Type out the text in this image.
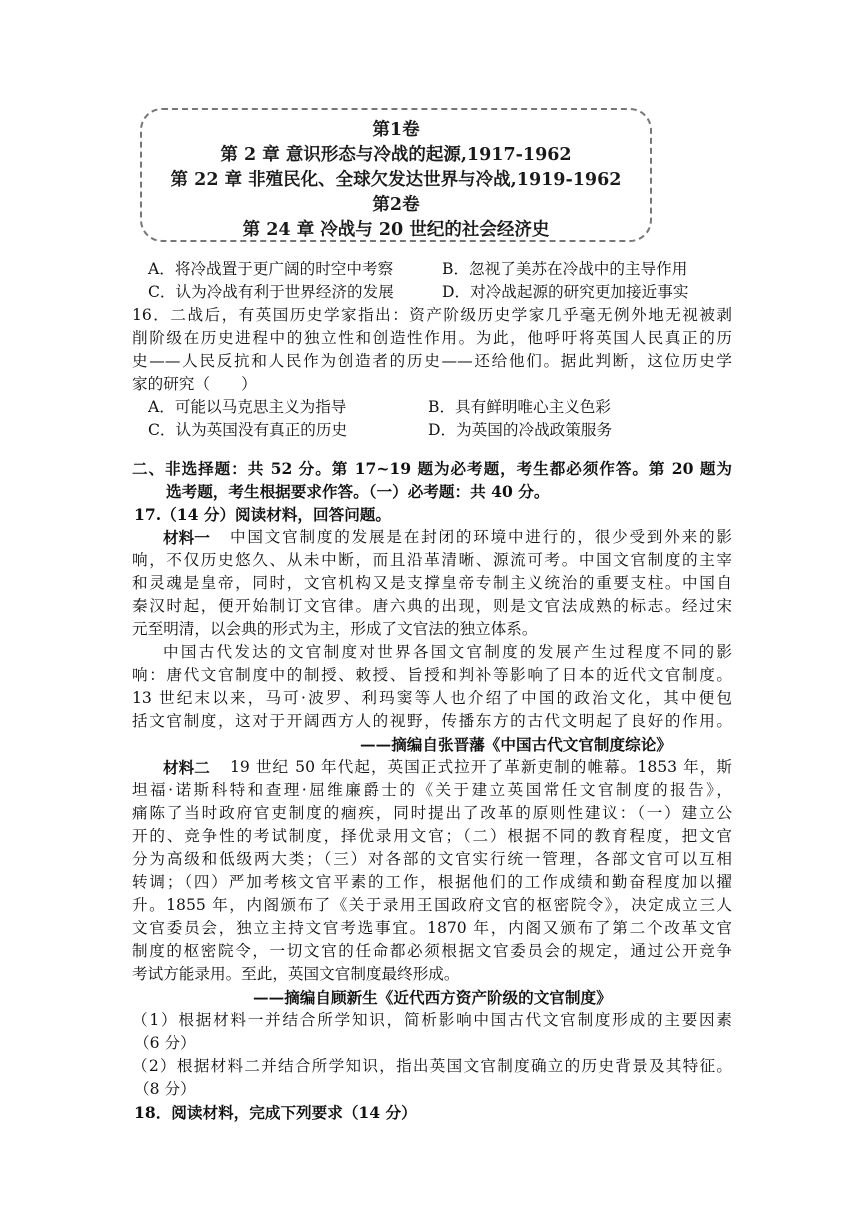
第1卷
第 2 章 意识形态与冷战的起源,1917-1962
第 22 章 非殖民化、全球欠发达世界与冷战,1919-1962
第2卷
第 24 章 冷战与 20 世纪的社会经济史
A．将冷战置于更广阔的时空中考察	B．忽视了美苏在冷战中的主导作用
C．认为冷战有利于世界经济的发展	D．对冷战起源的研究更加接近事实
16．二战后，有英国历史学家指出：资产阶级历史学家几乎毫无例外地无视被剥
削阶级在历史进程中的独立性和创造性作用。为此，他呼吁将英国人民真正的历
史——人民反抗和人民作为创造者的历史——还给他们。据此判断，这位历史学
家的研究（　　）
A．可能以马克思主义为指导	B．具有鲜明唯心主义色彩
C．认为英国没有真正的历史	D．为英国的冷战政策服务
二、非选择题：共 52 分。第 17~19 题为必考题，考生都必须作答。第 20 题为
选考题，考生根据要求作答。（一）必考题：共 40 分。
17.（14 分）阅读材料，回答问题。
材料一 中国文官制度的发展是在封闭的环境中进行的，很少受到外来的影
响，不仅历史悠久、从未中断，而且沿革清晰、源流可考。中国文官制度的主宰
和灵魂是皇帝，同时，文官机构又是支撑皇帝专制主义统治的重要支柱。中国自
秦汉时起，便开始制订文官律。唐六典的出现，则是文官法成熟的标志。经过宋
元至明清，以会典的形式为主，形成了文官法的独立体系。
中国古代发达的文官制度对世界各国文官制度的发展产生过程度不同的影
响：唐代文官制度中的制授、敕授、旨授和判补等影响了日本的近代文官制度。
13 世纪末以来，马可·波罗、利玛窦等人也介绍了中国的政治文化，其中便包
括文官制度，这对于开阔西方人的视野，传播东方的古代文明起了良好的作用。
——摘编自张晋藩《中国古代文官制度综论》
材料二 19 世纪 50 年代起，英国正式拉开了革新吏制的帷幕。1853 年，斯
坦福·诺斯科特和查理·屈维廉爵士的《关于建立英国常任文官制度的报告》，
痛陈了当时政府官吏制度的痼疾，同时提出了改革的原则性建议：（一）建立公
开的、竞争性的考试制度，择优录用文官；（二）根据不同的教育程度，把文官
分为高级和低级两大类；（三）对各部的文官实行统一管理，各部文官可以互相
转调；（四）严加考核文官平素的工作，根据他们的工作成绩和勤奋程度加以擢
升。1855 年，内阁颁布了《关于录用王国政府文官的枢密院令》，决定成立三人
文官委员会，独立主持文官考选事宜。1870 年，内阁又颁布了第二个改革文官
制度的枢密院令，一切文官的任命都必须根据文官委员会的规定，通过公开竞争
考试方能录用。至此，英国文官制度最终形成。
——摘编自顾新生《近代西方资产阶级的文官制度》
（1）根据材料一并结合所学知识，简析影响中国古代文官制度形成的主要因素
（6 分）
（2）根据材料二并结合所学知识，指出英国文官制度确立的历史背景及其特征。
（8 分）
18．阅读材料，完成下列要求（14 分）
